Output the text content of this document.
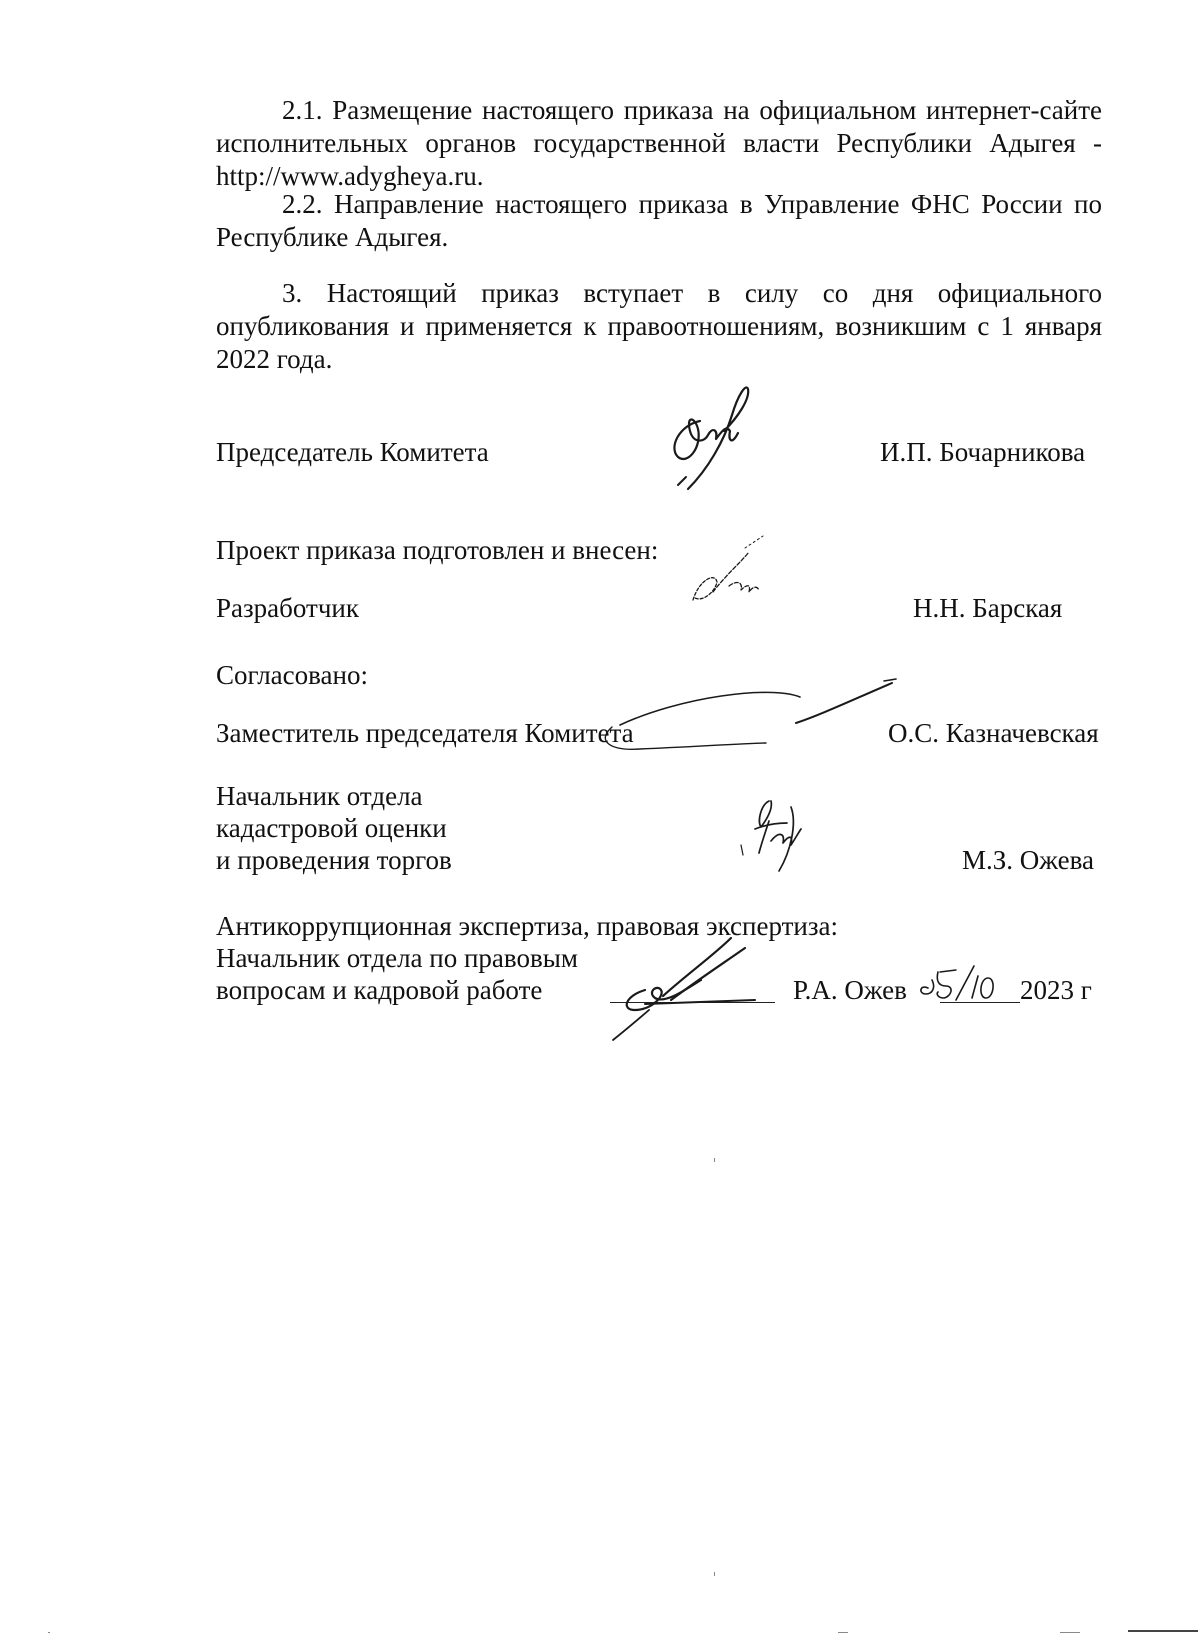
2.1. Размещение настоящего приказа на официальном интернет-сайте исполнительных органов государственной власти Республики Адыгея - http://www.adygheya.ru.

2.2. Направление настоящего приказа в Управление ФНС России по Республике Адыгея.

3. Настоящий приказ вступает в силу со дня официального опубликования и применяется к правоотношениям, возникшим с 1 января 2022 года.

Председатель Комитета	И.П. Бочарникова
Проект приказа подготовлен и внесен:
Разработчик	Н.Н. Барская
Согласовано:
Заместитель председателя Комитета	О.С. Казначевская
Начальник отдела
кадастровой оценки
и проведения торгов	М.З. Ожева
Антикоррупционная экспертиза, правовая экспертиза:
Начальник отдела по правовым
вопросам и кадровой работе	Р.А. Ожев	2023 г
